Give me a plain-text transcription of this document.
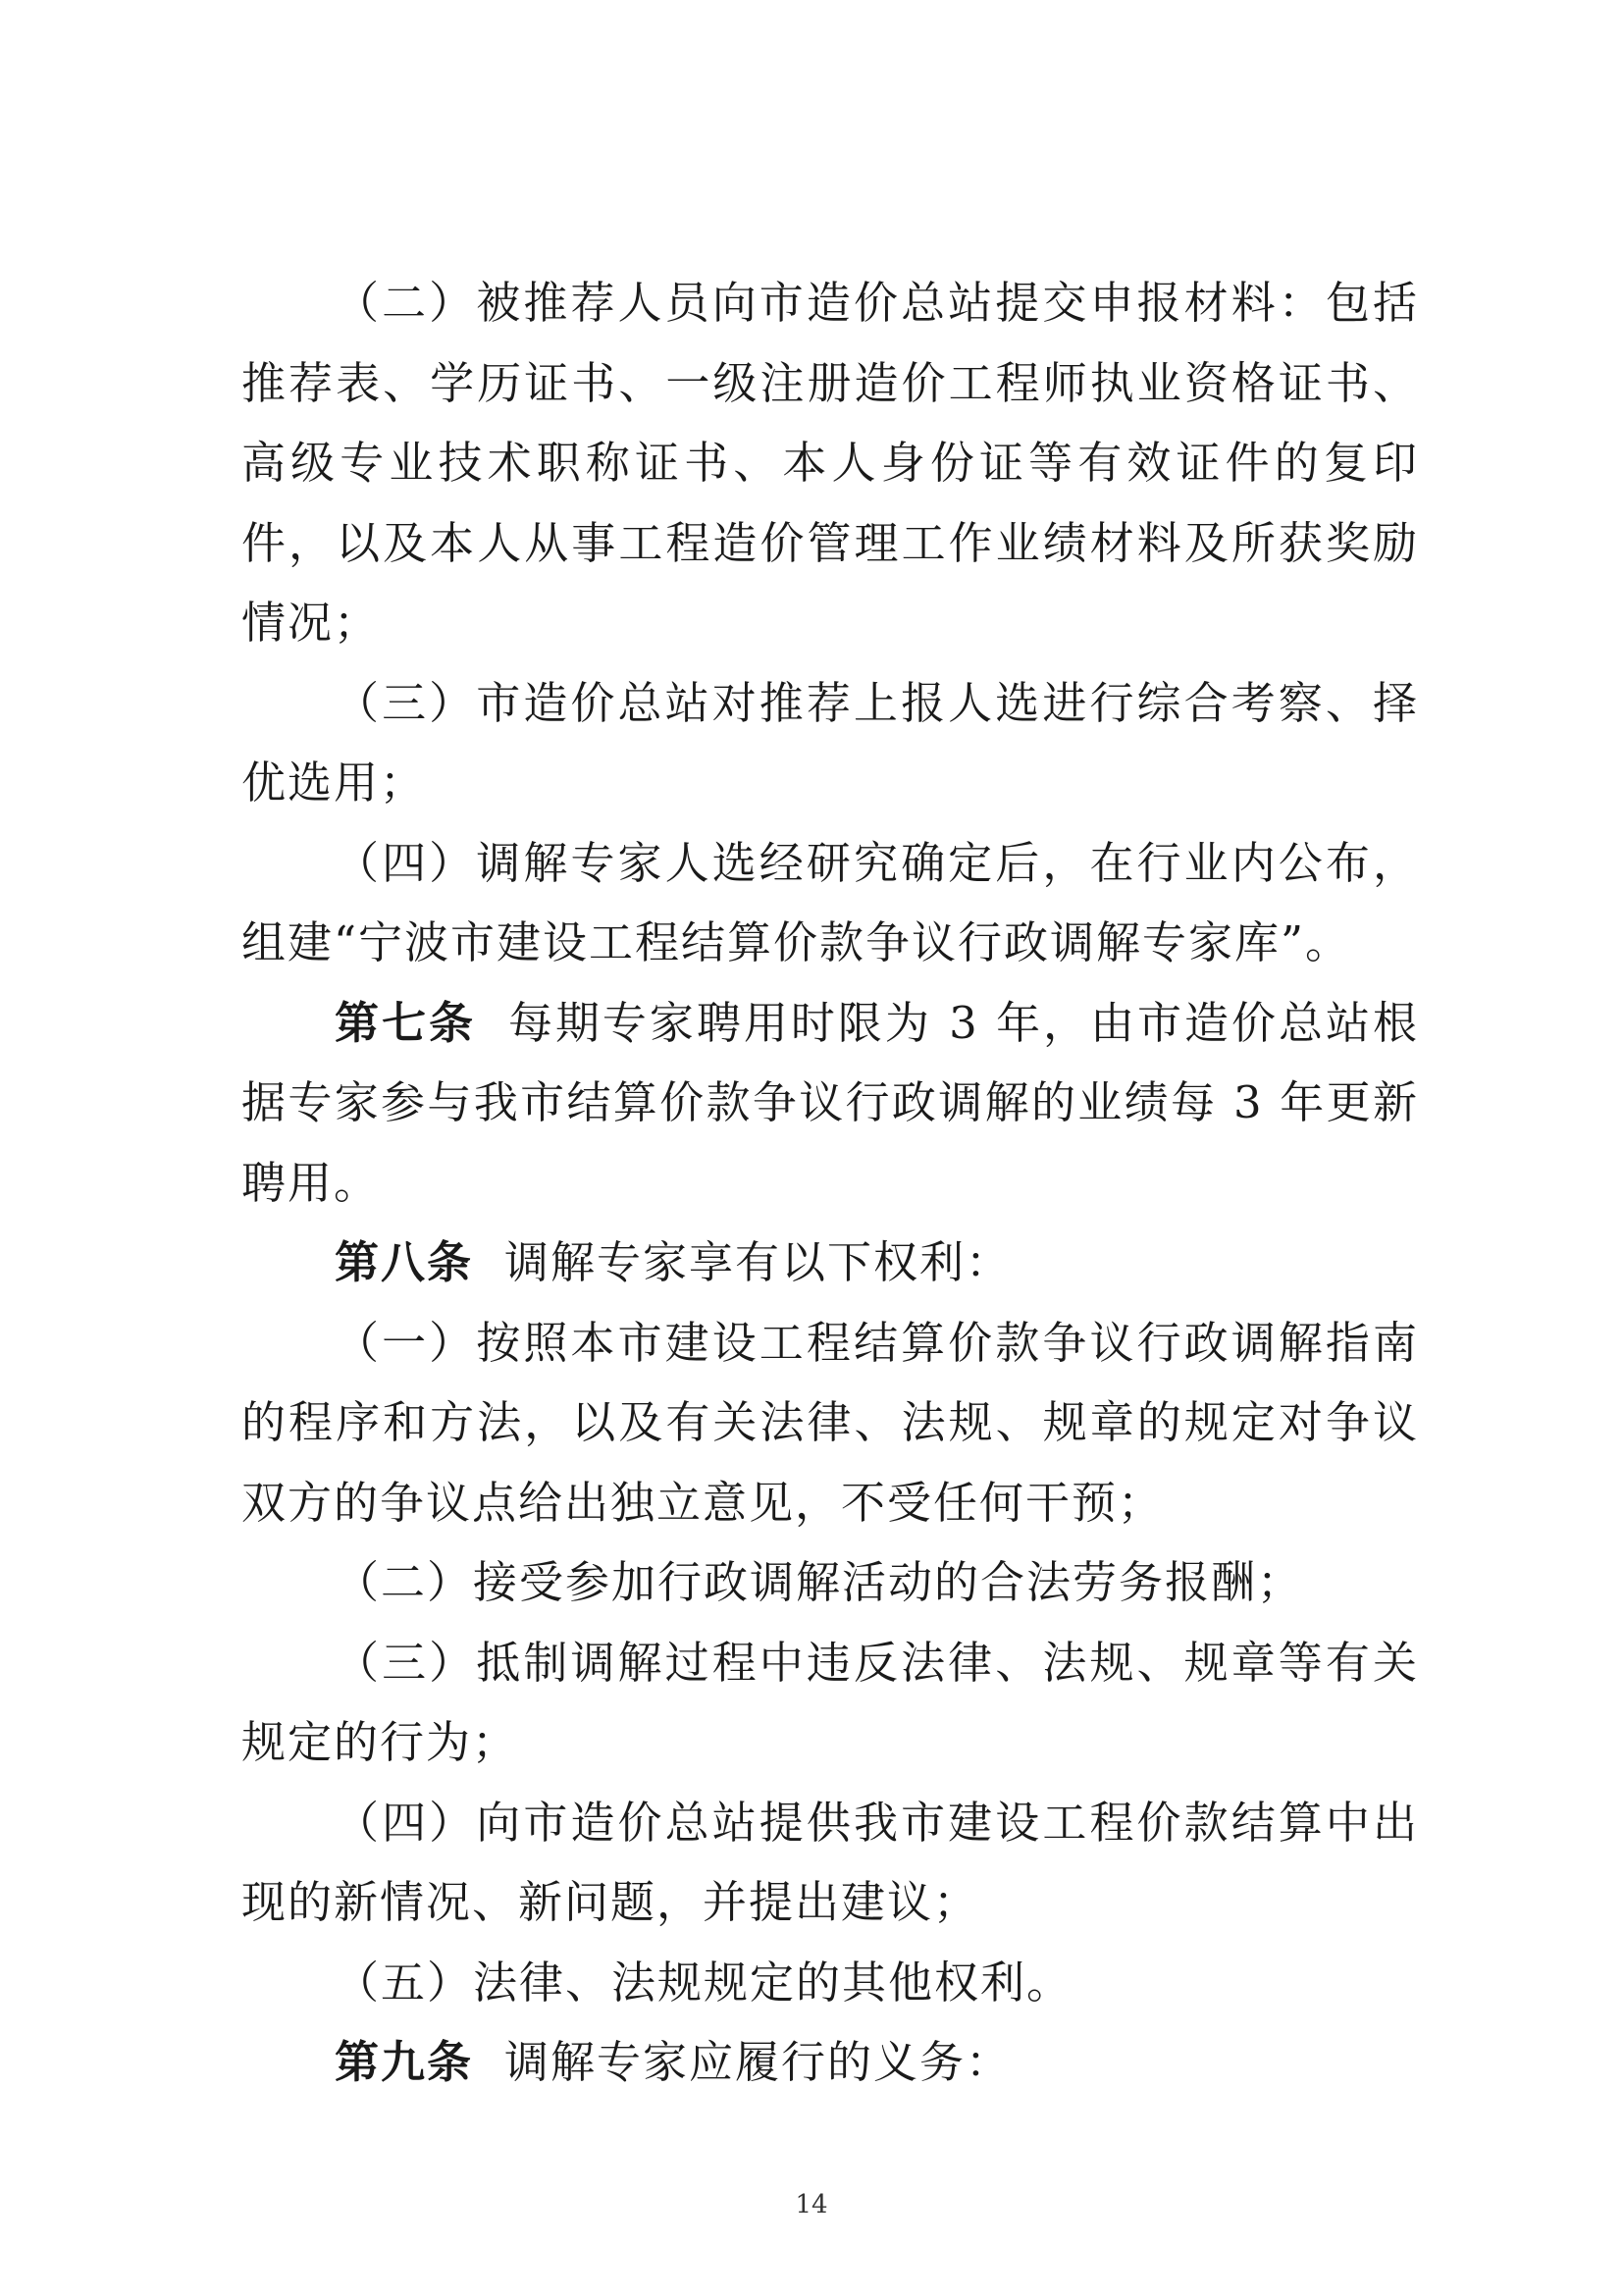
（二）被推荐人员向市造价总站提交申报材料：包括推荐表、学历证书、一级注册造价工程师执业资格证书、高级专业技术职称证书、本人身份证等有效证件的复印件，以及本人从事工程造价管理工作业绩材料及所获奖励情况；

（三）市造价总站对推荐上报人选进行综合考察、择优选用；

（四）调解专家人选经研究确定后，在行业内公布，组建“宁波市建设工程结算价款争议行政调解专家库”。

第七条 每期专家聘用时限为 3 年，由市造价总站根据专家参与我市结算价款争议行政调解的业绩每 3 年更新聘用。

第八条 调解专家享有以下权利：

（一）按照本市建设工程结算价款争议行政调解指南的程序和方法，以及有关法律、法规、规章的规定对争议双方的争议点给出独立意见，不受任何干预；

（二）接受参加行政调解活动的合法劳务报酬；

（三）抵制调解过程中违反法律、法规、规章等有关规定的行为；

（四）向市造价总站提供我市建设工程价款结算中出现的新情况、新问题，并提出建议；

（五）法律、法规规定的其他权利。

第九条 调解专家应履行的义务：

14
